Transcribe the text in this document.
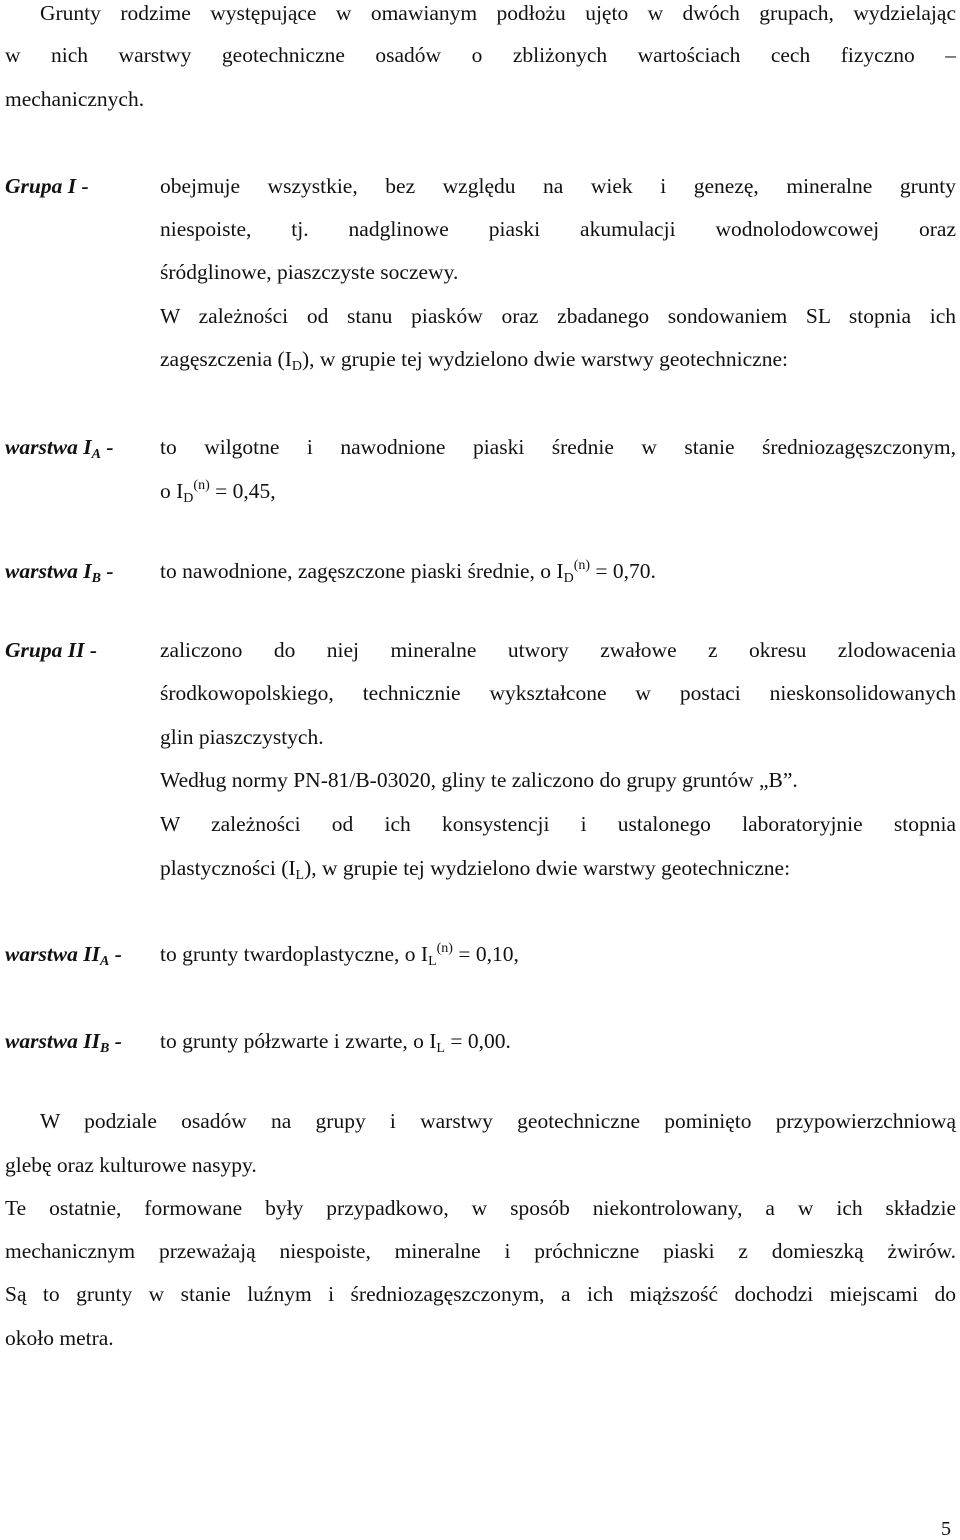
Grunty rodzime występujące w omawianym podłożu ujęto w dwóch grupach, wydzielając
w nich warstwy geotechniczne osadów o zbliżonych wartościach cech fizyczno –
mechanicznych.
Grupa I -	obejmuje wszystkie, bez względu na wiek i genezę, mineralne grunty
niespoiste, tj. nadglinowe piaski akumulacji wodnolodowcowej oraz
śródglinowe, piaszczyste soczewy.
W zależności od stanu piasków oraz zbadanego sondowaniem SL stopnia ich
zagęszczenia $(I_D)$, w grupie tej wydzielono dwie warstwy geotechniczne:
warstwa $I_A$ - to wilgotne i nawodnione piaski średnie w stanie średniozagęszczonym,
o $I_D^{(n)} = 0,45$,
warstwa $I_B$ - to nawodnione, zagęszczone piaski średnie, o $I_D^{(n)} = 0,70$.
Grupa II -	zaliczono do niej mineralne utwory zwałowe z okresu zlodowacenia
środkowopolskiego, technicznie wykształcone w postaci nieskonsolidowanych
glin piaszczystych.
Według normy PN-81/B-03020, gliny te zaliczono do grupy gruntów „B”.
W zależności od ich konsystencji i ustalonego laboratoryjnie stopnia
plastyczności $(I_L)$, w grupie tej wydzielono dwie warstwy geotechniczne:
warstwa $II_A$ - to grunty twardoplastyczne, o $I_L^{(n)} = 0,10$,
warstwa $II_B$ - to grunty półzwarte i zwarte, o $I_L = 0,00$.
W podziale osadów na grupy i warstwy geotechniczne pominięto przypowierzchniową
glebę oraz kulturowe nasypy.
Te ostatnie, formowane były przypadkowo, w sposób niekontrolowany, a w ich składzie
mechanicznym przeważają niespoiste, mineralne i próchniczne piaski z domieszką żwirów.
Są to grunty w stanie luźnym i średniozagęszczonym, a ich miąższość dochodzi miejscami do
około metra.
5
